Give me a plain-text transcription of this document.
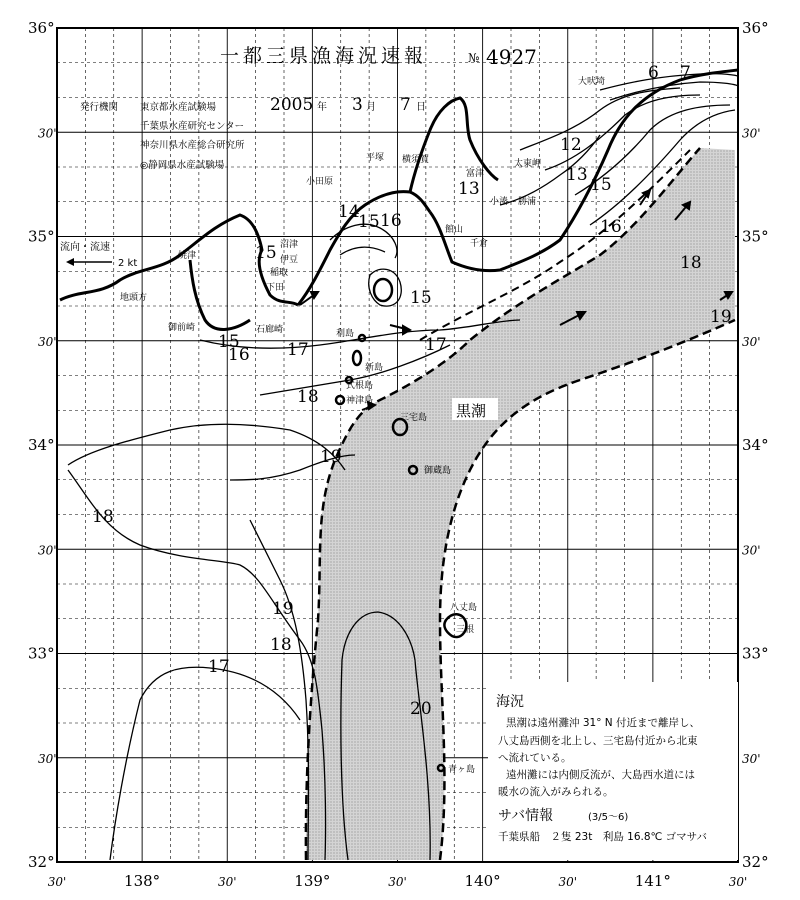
流向・流速
2 kt
一都三県漁海況速報	№ 4927
2005 年 3 月 7 日
発行機関 東京都水産試験場
千葉県水産研究センター
神奈川県水産総合研究所
◎静岡県水産試験場
黒潮
12
13 15
16
18
19
13
14
15 16
15
15
16 17
15	17
18
19
18
19
18
17
20
6 7
大吠埼
平塚 横須賀
富津
小田原
館山
太東岬
沼津
伊豆
小湊 勝浦
焼津
稲取
千倉
下田
地頭方
御前崎	石廊崎	利島
新島
式根島
神津島
三宅島
御蔵島
八丈島
三根
青ヶ島
海況
黒潮は遠州灘沖 31° N 付近まで離岸し、
八丈島西側を北上し、三宅島付近から北東
へ流れている。
遠州灘には内側反流が、大島西水道には
暖水の流入がみられる。
サバ情報	(3/5〜6)
千葉県船　２隻 23t　利島 16.8℃ ゴマサバ
36°
30'
35°
30'
34°
30'
33°
30'
32°
36°
30'
35°
30'
34°
30'
33°
30'
32°
30'	138°	30'	139°	30'	140°	30'	141°	30'
